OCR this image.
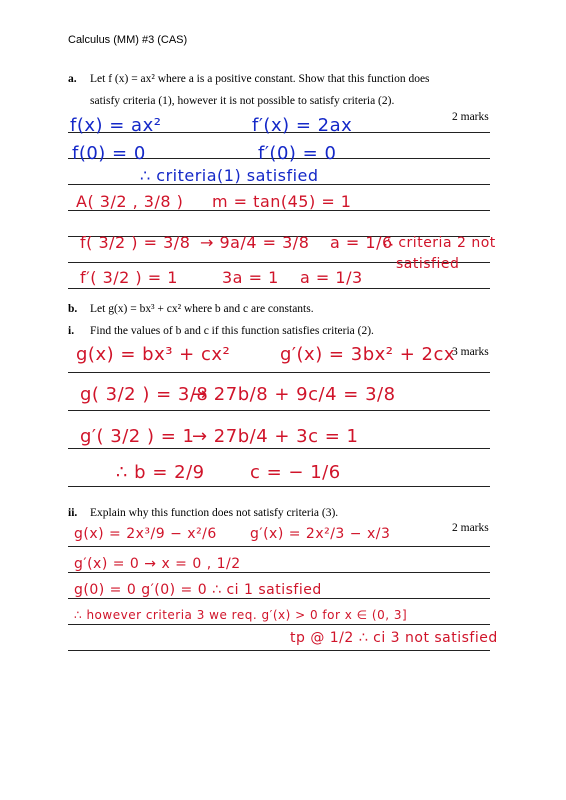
Calculus (MM) #3 (CAS)
a. Let f (x) = ax² where a is a positive constant. Show that this function does
satisfy criteria (1), however it is not possible to satisfy criteria (2).
2 marks
f(x) = ax²	f′(x) = 2ax
f(0) = 0	f′(0) = 0
∴ criteria(1) satisfied
A( 3/2 , 3/8 ) m = tan(45) = 1
f( 3/2 ) = 3/8 → 9a/4 = 3/8 a = 1/6
∴ criteria 2 not
satisfied
f′( 3/2 ) = 1	3a = 1 a = 1/3
b. Let g(x) = bx³ + cx² where b and c are constants.
i. Find the values of b and c if this function satisfies criteria (2).
3 marks
g(x) = bx³ + cx²	g′(x) = 3bx² + 2cx
g( 3/2 ) = 3/8
→ 27b/8 + 9c/4 = 3/8
g′( 3/2 ) = 1
→ 27b/4 + 3c = 1
∴ b = 2/9	c = − 1/6
ii. Explain why this function does not satisfy criteria (3).
2 marks
g(x) = 2x³/9 − x²/6 g′(x) = 2x²/3 − x/3
g′(x) = 0 → x = 0 , 1/2
g(0) = 0 g′(0) = 0 ∴ ci 1 satisfied
∴ however criteria 3 we req. g′(x) > 0 for x ∈ (0, 3]
tp @ 1/2 ∴ ci 3 not satisfied
